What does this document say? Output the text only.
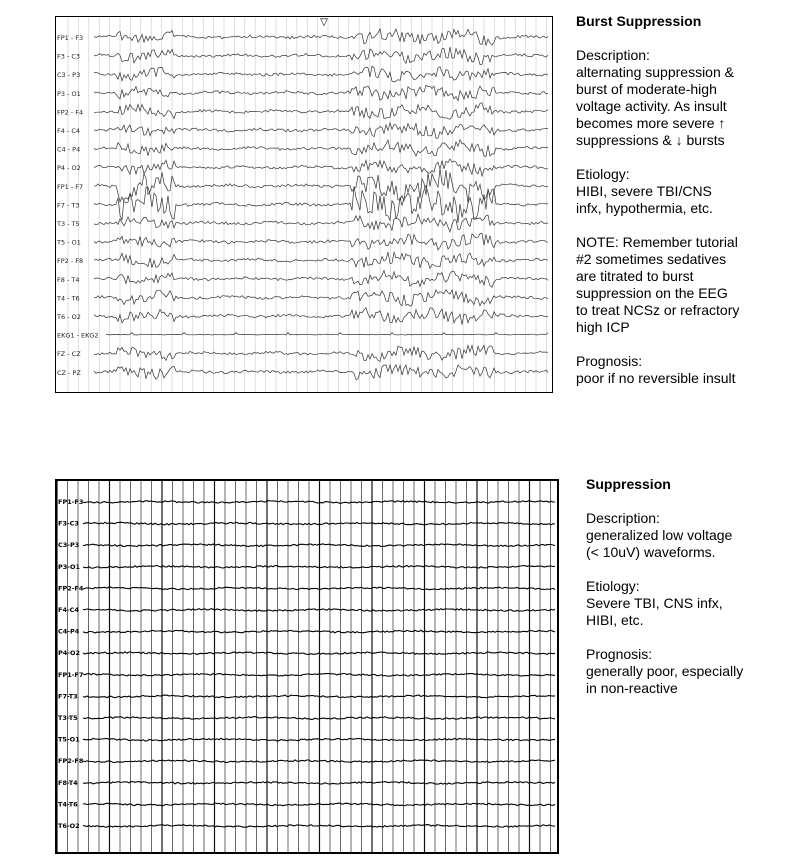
▽
FP1 - F3
F3 - C3
C3 - P3
P3 - O1
FP2 - F4
F4 - C4
C4 - P4
P4 - O2
FP1 - F7
F7 - T3
T3 - T5
T5 - O1
FP2 - F8
F8 - T4
T4 - T6
T6 - O2
EKG1 - EKG2
FZ - CZ
CZ - PZ
FP1-F3
F3-C3
C3-P3
P3-O1
FP2-F4
F4-C4
C4-P4
P4-O2
FP1-F7
F7-T3
T3-T5
T5-O1
FP2-F8
F8-T4
T4-T6
T6-O2
Burst Suppression
Description:
alternating suppression &
burst of moderate-high
voltage activity. As insult
becomes more severe ↑
suppressions & ↓ bursts
Etiology:
HIBI, severe TBI/CNS
infx, hypothermia, etc.
NOTE: Remember tutorial
#2 sometimes sedatives
are titrated to burst
suppression on the EEG
to treat NCSz or refractory
high ICP
Prognosis:
poor if no reversible insult
Suppression
Description:
generalized low voltage
(< 10uV) waveforms.
Etiology:
Severe TBI, CNS infx,
HIBI, etc.
Prognosis:
generally poor, especially
in non-reactive
